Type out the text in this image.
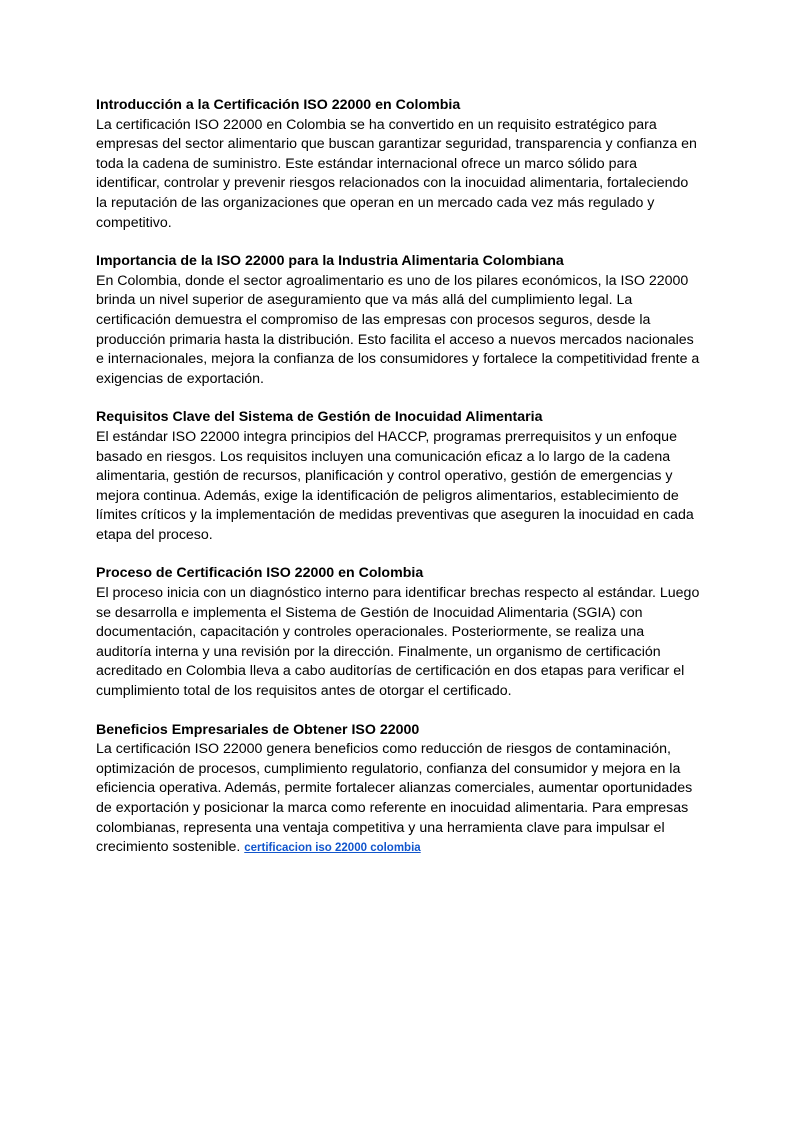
Introducción a la Certificación ISO 22000 en Colombia

La certificación ISO 22000 en Colombia se ha convertido en un requisito estratégico para empresas del sector alimentario que buscan garantizar seguridad, transparencia y confianza en toda la cadena de suministro. Este estándar internacional ofrece un marco sólido para identificar, controlar y prevenir riesgos relacionados con la inocuidad alimentaria, fortaleciendo la reputación de las organizaciones que operan en un mercado cada vez más regulado y competitivo.

Importancia de la ISO 22000 para la Industria Alimentaria Colombiana

En Colombia, donde el sector agroalimentario es uno de los pilares económicos, la ISO 22000 brinda un nivel superior de aseguramiento que va más allá del cumplimiento legal. La certificación demuestra el compromiso de las empresas con procesos seguros, desde la producción primaria hasta la distribución. Esto facilita el acceso a nuevos mercados nacionales e internacionales, mejora la confianza de los consumidores y fortalece la competitividad frente a exigencias de exportación.

Requisitos Clave del Sistema de Gestión de Inocuidad Alimentaria

El estándar ISO 22000 integra principios del HACCP, programas prerrequisitos y un enfoque basado en riesgos. Los requisitos incluyen una comunicación eficaz a lo largo de la cadena alimentaria, gestión de recursos, planificación y control operativo, gestión de emergencias y mejora continua. Además, exige la identificación de peligros alimentarios, establecimiento de límites críticos y la implementación de medidas preventivas que aseguren la inocuidad en cada etapa del proceso.

Proceso de Certificación ISO 22000 en Colombia

El proceso inicia con un diagnóstico interno para identificar brechas respecto al estándar. Luego se desarrolla e implementa el Sistema de Gestión de Inocuidad Alimentaria (SGIA) con documentación, capacitación y controles operacionales. Posteriormente, se realiza una auditoría interna y una revisión por la dirección. Finalmente, un organismo de certificación acreditado en Colombia lleva a cabo auditorías de certificación en dos etapas para verificar el cumplimiento total de los requisitos antes de otorgar el certificado.

Beneficios Empresariales de Obtener ISO 22000

La certificación ISO 22000 genera beneficios como reducción de riesgos de contaminación, optimización de procesos, cumplimiento regulatorio, confianza del consumidor y mejora en la eficiencia operativa. Además, permite fortalecer alianzas comerciales, aumentar oportunidades de exportación y posicionar la marca como referente en inocuidad alimentaria. Para empresas colombianas, representa una ventaja competitiva y una herramienta clave para impulsar el crecimiento sostenible. certificacion iso 22000 colombia
